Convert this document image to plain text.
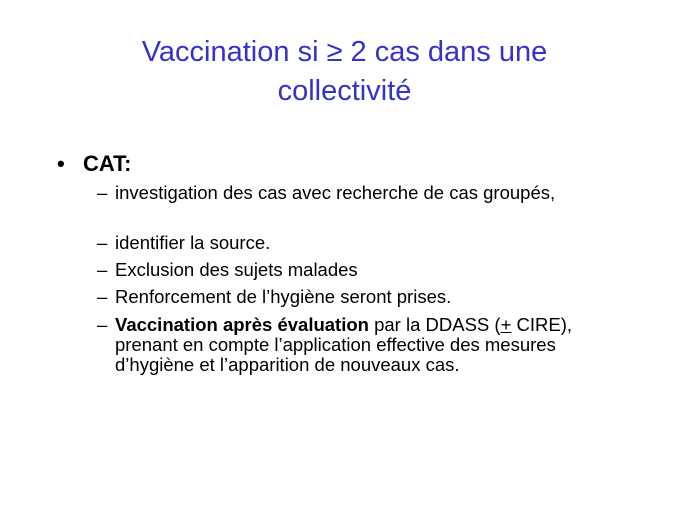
Vaccination si ≥ 2 cas dans une
collectivité
• CAT:
– investigation des cas avec recherche de cas groupés,
– identifier la source.
– Exclusion des sujets malades
– Renforcement de l’hygiène seront prises.
– Vaccination après évaluation par la DDASS (+ CIRE), prenant en compte l’application effective des mesures d’hygiène et l’apparition de nouveaux cas.
